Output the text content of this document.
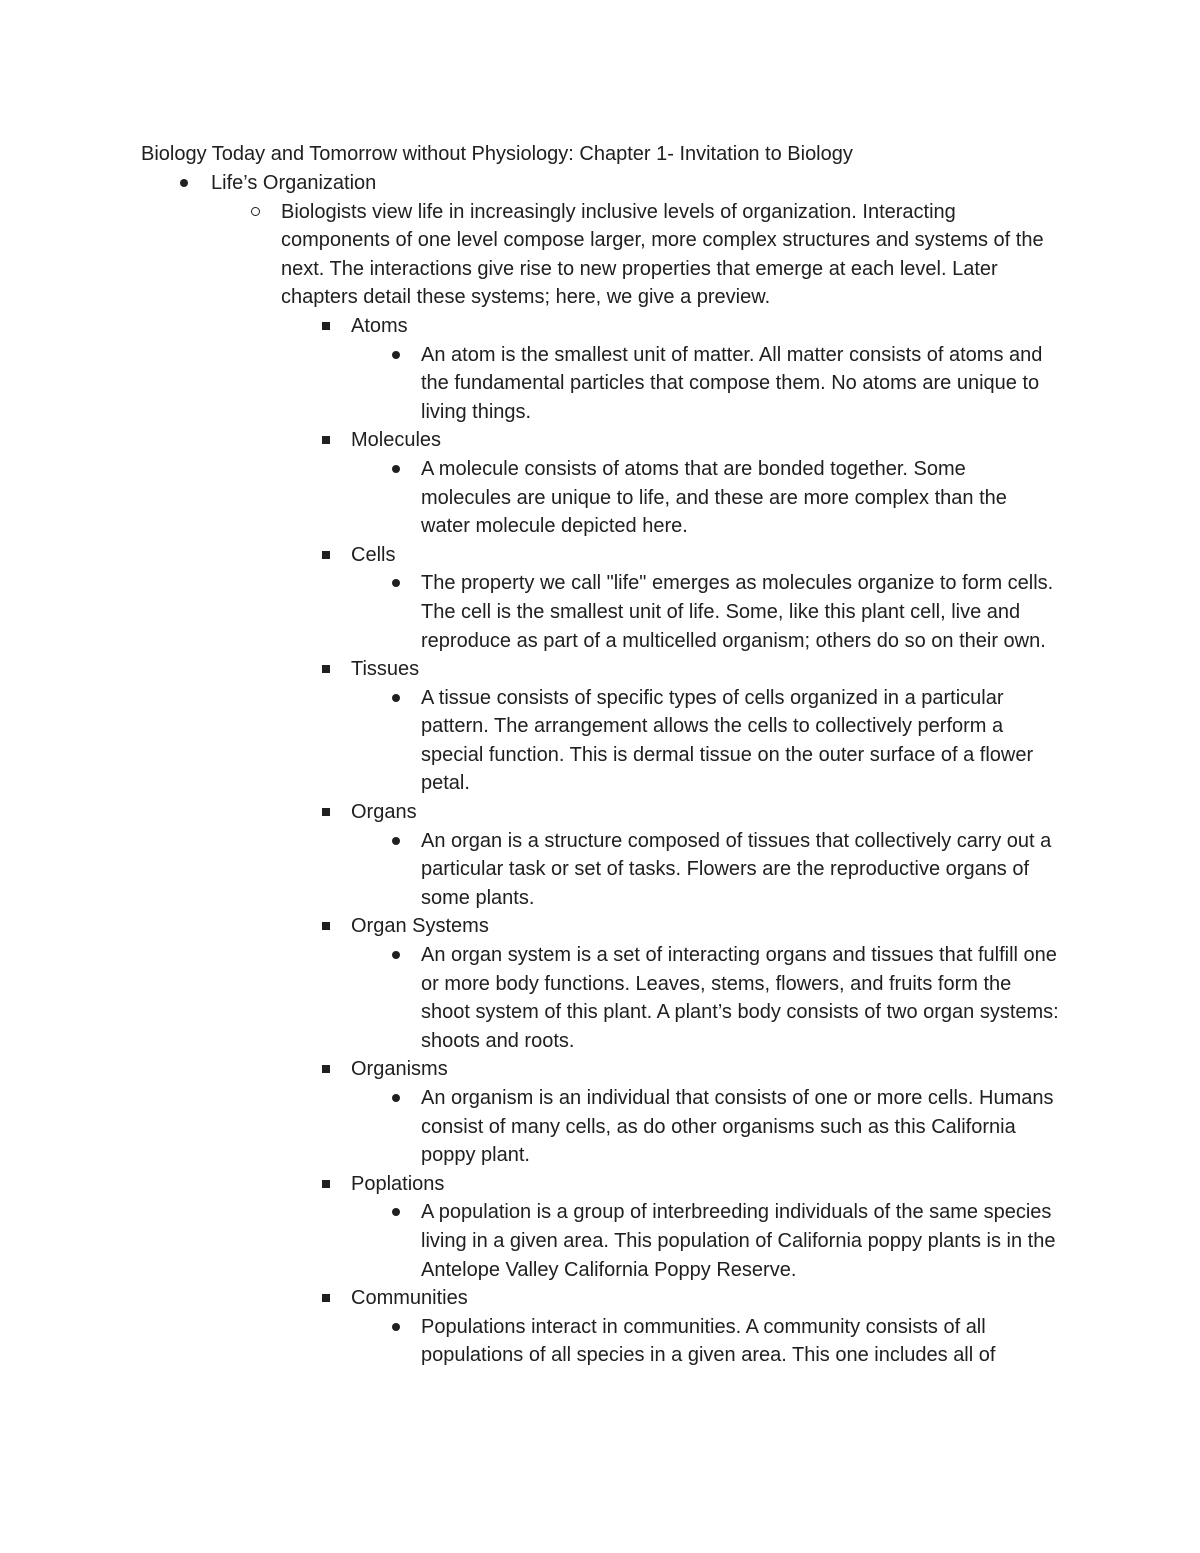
Biology Today and Tomorrow without Physiology: Chapter 1- Invitation to Biology
Life’s Organization
Biologists view life in increasingly inclusive levels of organization. Interacting components of one level compose larger, more complex structures and systems of the next. The interactions give rise to new properties that emerge at each level. Later chapters detail these systems; here, we give a preview.
Atoms
An atom is the smallest unit of matter. All matter consists of atoms and the fundamental particles that compose them. No atoms are unique to living things.
Molecules
A molecule consists of atoms that are bonded together. Some molecules are unique to life, and these are more complex than the water molecule depicted here.
Cells
The property we call "life" emerges as molecules organize to form cells. The cell is the smallest unit of life. Some, like this plant cell, live and reproduce as part of a multicelled organism; others do so on their own.
Tissues
A tissue consists of specific types of cells organized in a particular pattern. The arrangement allows the cells to collectively perform a special function. This is dermal tissue on the outer surface of a flower petal.
Organs
An organ is a structure composed of tissues that collectively carry out a particular task or set of tasks. Flowers are the reproductive organs of some plants.
Organ Systems
An organ system is a set of interacting organs and tissues that fulfill one or more body functions. Leaves, stems, flowers, and fruits form the shoot system of this plant. A plant’s body consists of two organ systems: shoots and roots.
Organisms
An organism is an individual that consists of one or more cells. Humans consist of many cells, as do other organisms such as this California poppy plant.
Poplations
A population is a group of interbreeding individuals of the same species living in a given area. This population of California poppy plants is in the Antelope Valley California Poppy Reserve.
Communities
Populations interact in communities. A community consists of all populations of all species in a given area. This one includes all of
